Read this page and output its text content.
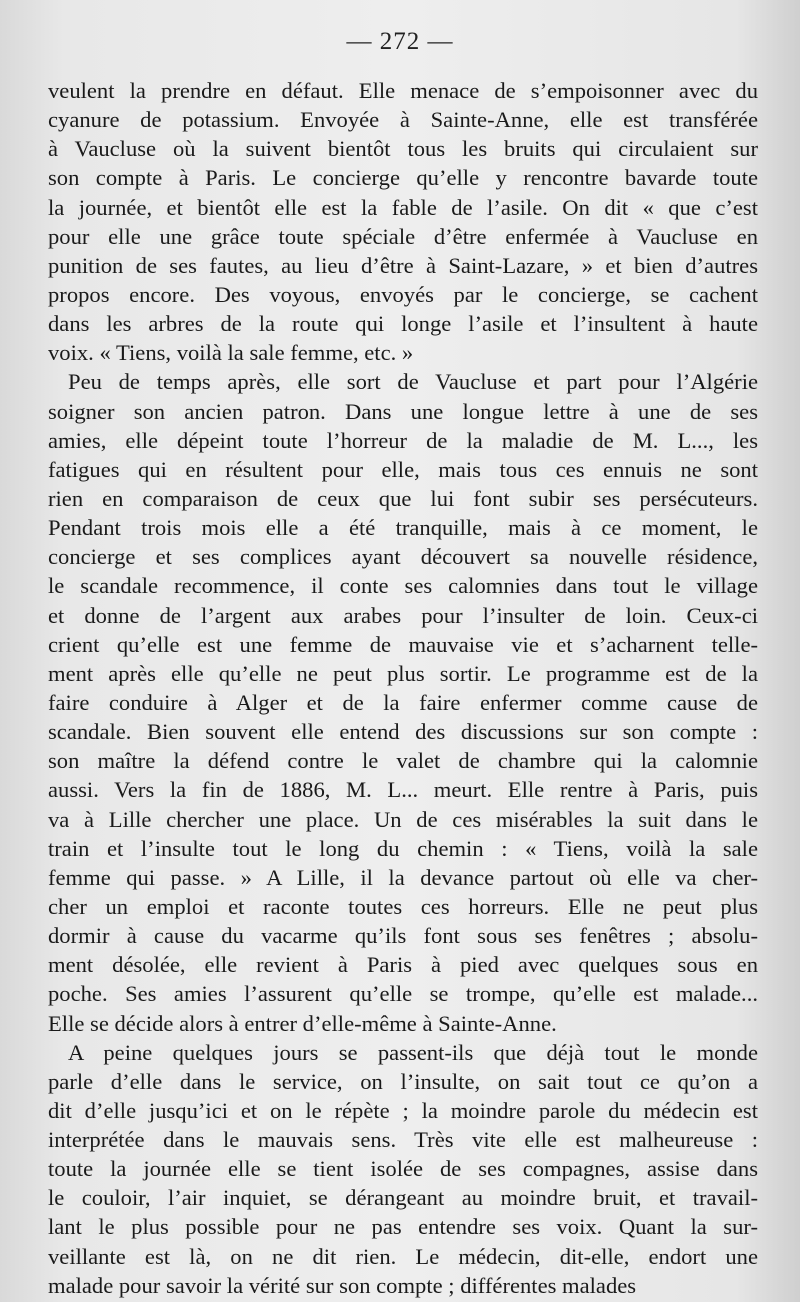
— 272 —
veulent la prendre en défaut. Elle menace de s’empoisonner avec du
cyanure de potassium. Envoyée à Sainte-Anne, elle est transférée
à Vaucluse où la suivent bientôt tous les bruits qui circulaient sur
son compte à Paris. Le concierge qu’elle y rencontre bavarde toute
la journée, et bientôt elle est la fable de l’asile. On dit « que c’est
pour elle une grâce toute spéciale d’être enfermée à Vaucluse en
punition de ses fautes, au lieu d’être à Saint-Lazare, » et bien d’autres
propos encore. Des voyous, envoyés par le concierge, se cachent
dans les arbres de la route qui longe l’asile et l’insultent à haute
voix. « Tiens, voilà la sale femme, etc. »
Peu de temps après, elle sort de Vaucluse et part pour l’Algérie
soigner son ancien patron. Dans une longue lettre à une de ses
amies, elle dépeint toute l’horreur de la maladie de M. L..., les
fatigues qui en résultent pour elle, mais tous ces ennuis ne sont
rien en comparaison de ceux que lui font subir ses persécuteurs.
Pendant trois mois elle a été tranquille, mais à ce moment, le
concierge et ses complices ayant découvert sa nouvelle résidence,
le scandale recommence, il conte ses calomnies dans tout le village
et donne de l’argent aux arabes pour l’insulter de loin. Ceux-ci
crient qu’elle est une femme de mauvaise vie et s’acharnent telle-
ment après elle qu’elle ne peut plus sortir. Le programme est de la
faire conduire à Alger et de la faire enfermer comme cause de
scandale. Bien souvent elle entend des discussions sur son compte :
son maître la défend contre le valet de chambre qui la calomnie
aussi. Vers la fin de 1886, M. L... meurt. Elle rentre à Paris, puis
va à Lille chercher une place. Un de ces misérables la suit dans le
train et l’insulte tout le long du chemin : « Tiens, voilà la sale
femme qui passe. » A Lille, il la devance partout où elle va cher-
cher un emploi et raconte toutes ces horreurs. Elle ne peut plus
dormir à cause du vacarme qu’ils font sous ses fenêtres ; absolu-
ment désolée, elle revient à Paris à pied avec quelques sous en
poche. Ses amies l’assurent qu’elle se trompe, qu’elle est malade...
Elle se décide alors à entrer d’elle-même à Sainte-Anne.
A peine quelques jours se passent-ils que déjà tout le monde
parle d’elle dans le service, on l’insulte, on sait tout ce qu’on a
dit d’elle jusqu’ici et on le répète ; la moindre parole du médecin est
interprétée dans le mauvais sens. Très vite elle est malheureuse :
toute la journée elle se tient isolée de ses compagnes, assise dans
le couloir, l’air inquiet, se dérangeant au moindre bruit, et travail-
lant le plus possible pour ne pas entendre ses voix. Quant la sur-
veillante est là, on ne dit rien. Le médecin, dit-elle, endort une
malade pour savoir la vérité sur son compte ; différentes malades
